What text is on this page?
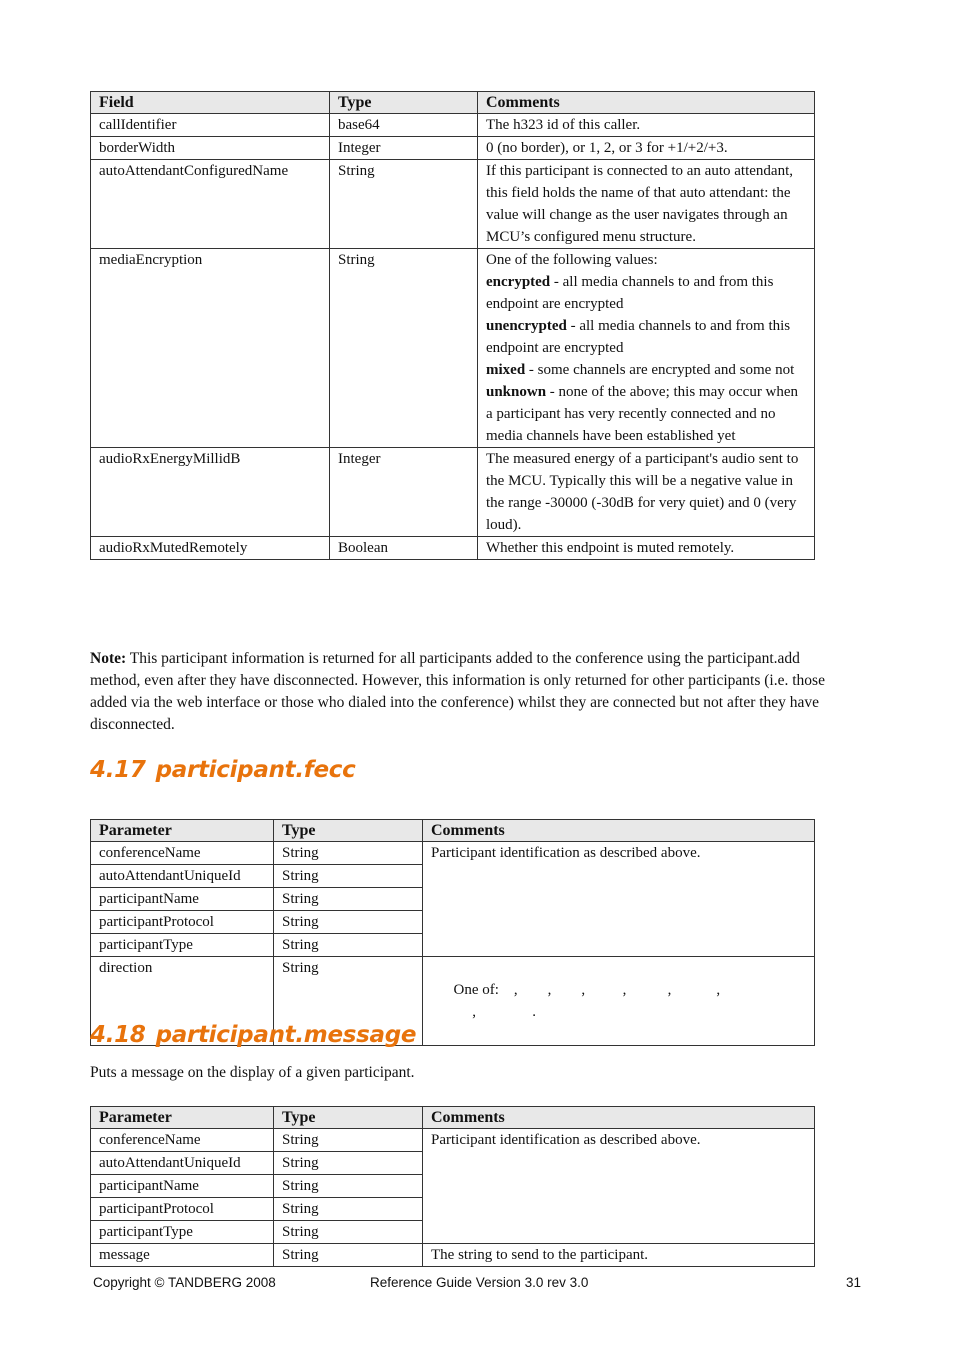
Field	Type	Comments
callIdentifier	base64	The h323 id of this caller.
borderWidth	Integer	0 (no border), or 1, 2, or 3 for +1/+2/+3.
autoAttendantConfiguredName	String	If this participant is connected to an auto attendant, this field holds the name of that auto attendant: the value will change as the user navigates through an MCU’s configured menu structure.
mediaEncryption	String	One of the following values:
encrypted - all media channels to and from this endpoint are encrypted
unencrypted - all media channels to and from this endpoint are encrypted
mixed - some channels are encrypted and some not
unknown - none of the above; this may occur when a participant has very recently connected and no media channels have been established yet
audioRxEnergyMillidB	Integer	The measured energy of a participant's audio sent to the MCU. Typically this will be a negative value in the range -30000 (-30dB for very quiet) and 0 (very loud).
audioRxMutedRemotely	Boolean	Whether this endpoint is muted remotely.

Note: This participant information is returned for all participants added to the conference using the participant.add method, even after they have disconnected. However, this information is only returned for other participants (i.e. those added via the web interface or those who dialed into the conference) whilst they are connected but not after they have disconnected.

4.17 participant.fecc
Parameter	Type	Comments
conferenceName	String	Participant identification as described above.
autoAttendantUniqueId	String	
participantName	String	
participantProtocol	String	
participantType	String	
direction	String	One of:    ,        ,        ,          ,           ,            ,
,               .

4.18 participant.message

Puts a message on the display of a given participant.

Parameter	Type	Comments
conferenceName	String	Participant identification as described above.
autoAttendantUniqueId	String	
participantName	String	
participantProtocol	String	
participantType	String	
message	String	The string to send to the participant.
Copyright © TANDBERG 2008	Reference Guide Version 3.0 rev 3.0	31
